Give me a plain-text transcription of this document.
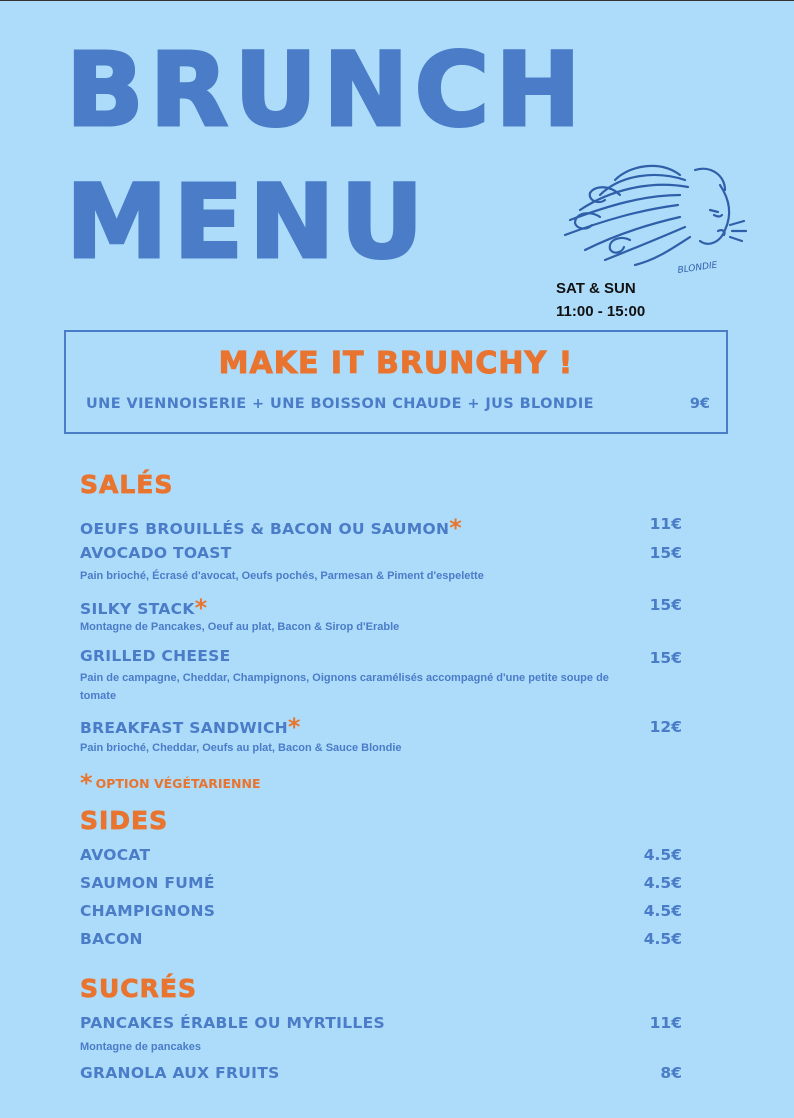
BRUNCH
MENU	BLONDIE
SAT & SUN
11:00 - 15:00
MAKE IT BRUNCHY !
UNE VIENNOISERIE + UNE BOISSON CHAUDE + JUS BLONDIE	9€
SALÉS
OEUFS BROUILLÉS & BACON OU SAUMON*	11€
AVOCADO TOAST	15€
Pain brioché, Écrasé d'avocat, Oeufs pochés, Parmesan & Piment d'espelette
SILKY STACK*	15€
Montagne de Pancakes, Oeuf au plat, Bacon & Sirop d'Erable
GRILLED CHEESE	15€
Pain de campagne, Cheddar, Champignons, Oignons caramélisés accompagné d'une petite soupe de tomate
BREAKFAST SANDWICH*	12€
Pain brioché, Cheddar, Oeufs au plat, Bacon & Sauce Blondie
* OPTION VÉGÉTARIENNE
SIDES
AVOCAT	4.5€
SAUMON FUMÉ	4.5€
CHAMPIGNONS	4.5€
BACON	4.5€
SUCRÉS
PANCAKES ÉRABLE OU MYRTILLES	11€
Montagne de pancakes
GRANOLA AUX FRUITS	8€
